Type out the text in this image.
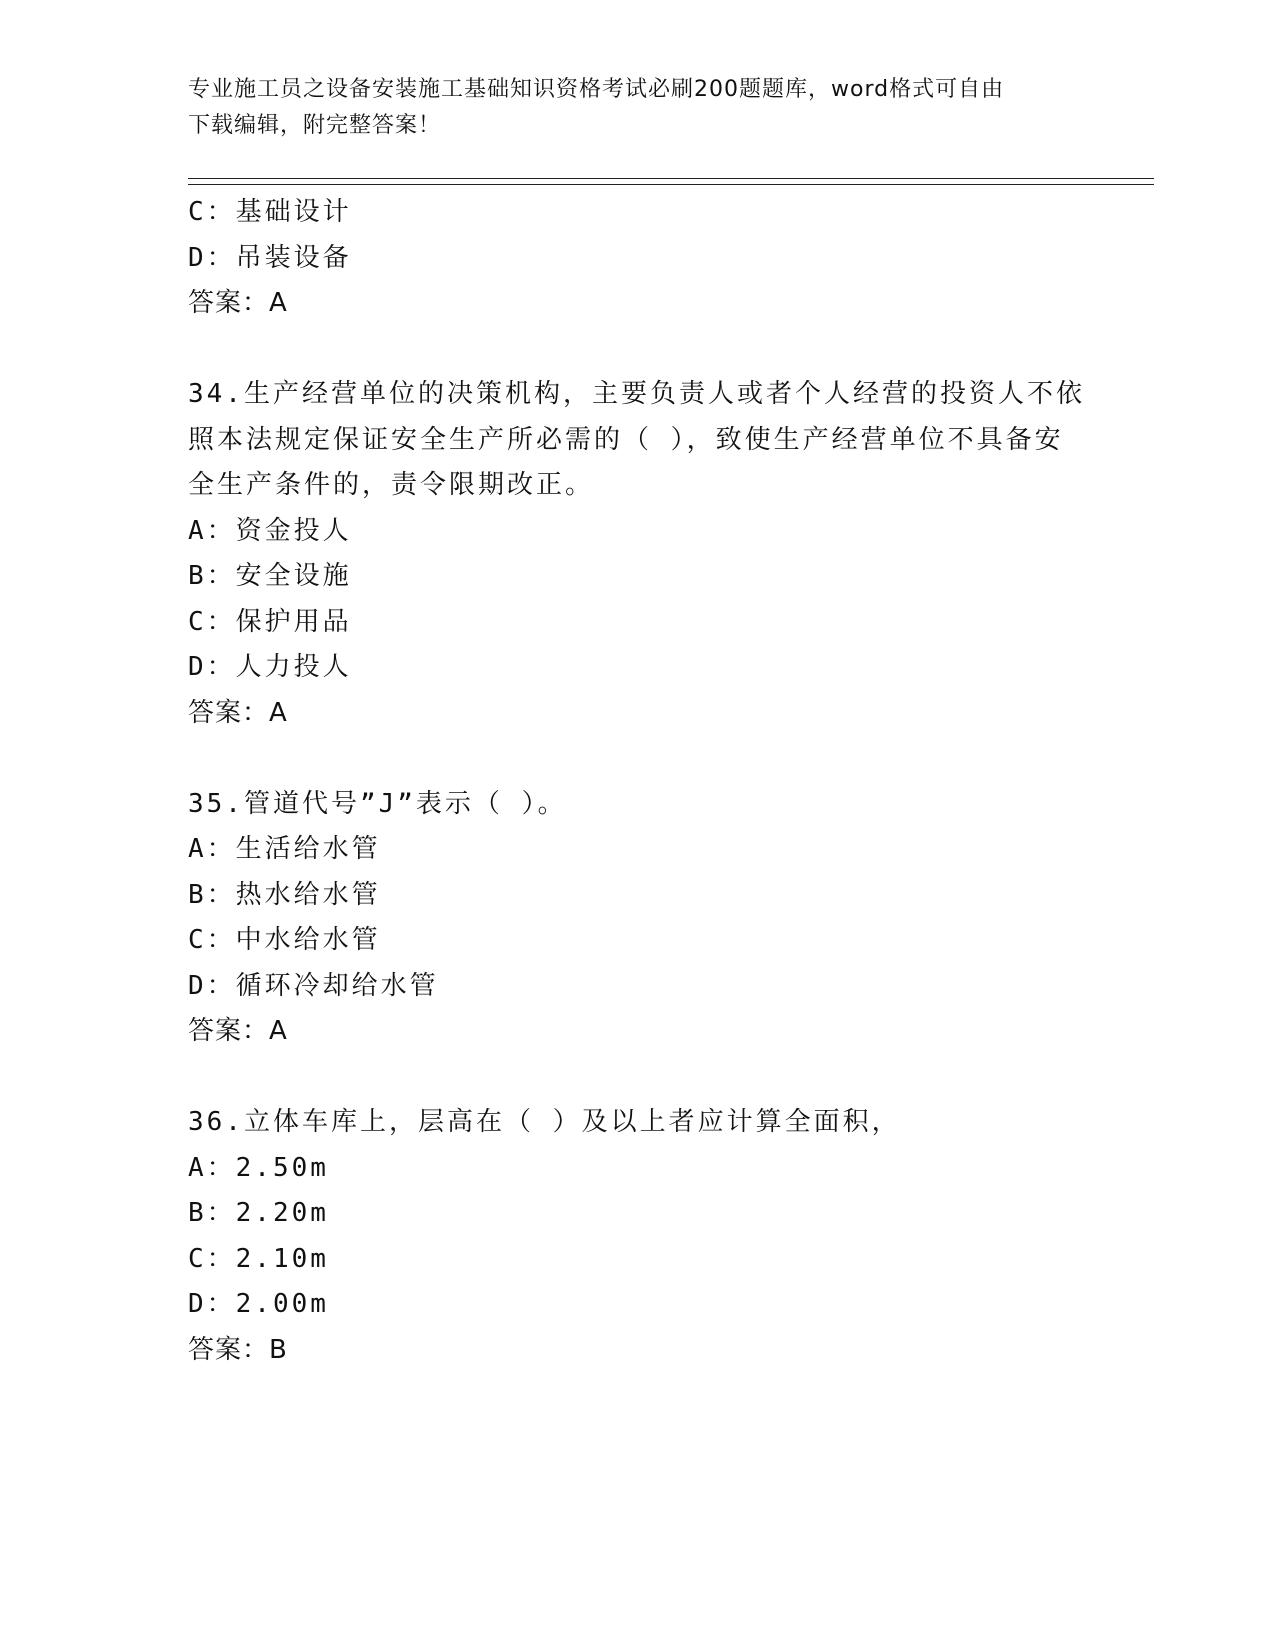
专业施工员之设备安装施工基础知识资格考试必刷200题题库，word格式可自由
下载编辑，附完整答案！
C：基础设计
D：吊装设备
答案：A
34.生产经营单位的决策机构，主要负责人或者个人经营的投资人不依
照本法规定保证安全生产所必需的（ ），致使生产经营单位不具备安
全生产条件的，责令限期改正。
A：资金投人
B：安全设施
C：保护用品
D：人力投人
答案：A
35.管道代号”J”表示（ ）。
A：生活给水管
B：热水给水管
C：中水给水管
D：循环冷却给水管
答案：A
36.立体车库上，层高在（ ）及以上者应计算全面积，
A：2.50m
B：2.20m
C：2.10m
D：2.00m
答案：B
